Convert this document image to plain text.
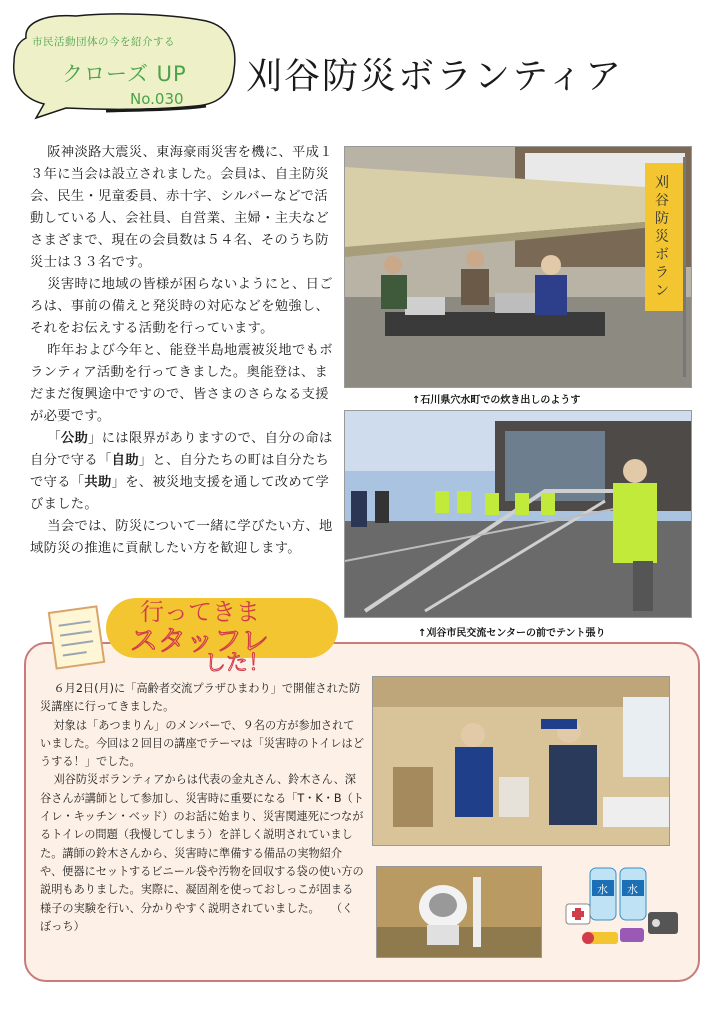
市民活動団体の今を紹介する
クローズ UP
No.030
刈谷防災ボランティア

阪神淡路大震災、東海豪雨災害を機に、平成１３年に当会は設立されました。会員は、自主防災会、民生・児童委員、赤十字、シルバーなどで活動している人、会社員、自営業、主婦・主夫などさまざまで、現在の会員数は５４名、そのうち防災士は３３名です。

災害時に地域の皆様が困らないようにと、日ごろは、事前の備えと発災時の対応などを勉強し、それをお伝えする活動を行っています。

昨年および今年と、能登半島地震被災地でもボランティア活動を行ってきました。奥能登は、まだまだ復興途中ですので、皆さまのさらなる支援が必要です。

「公助」には限界がありますので、自分の命は自分で守る「自助」と、自分たちの町は自分たちで守る「共助」を、被災地支援を通して改めて学びました。

当会では、防災について一緒に学びたい方、地域防災の推進に貢献したい方を歓迎します。

刈
谷
防
災
ボ
ラ
ン
↑石川県穴水町での炊き出しのようす
↑刈谷市民交流センターの前でテント張り
行ってきま
スタッフレ
した！

６月2日(月)に「高齢者交流プラザひまわり」で開催された防災講座に行ってきました。

対象は「あつまりん」のメンバーで、９名の方が参加されていました。今回は２回目の講座でテーマは「災害時のトイレはどうする！」でした。

刈谷防災ボランティアからは代表の金丸さん、鈴木さん、深谷さんが講師として参加し、災害時に重要になる「T・K・B（トイレ・キッチン・ベッド）のお話に始まり、災害関連死につながるトイレの問題（我慢してしまう）を詳しく説明されていました。講師の鈴木さんから、災害時に準備する備品の実物紹介や、便器にセットするビニール袋や汚物を回収する袋の使い方の説明もありました。実際に、凝固剤を使っておしっこが固まる様子の実験を行い、分かりやすく説明されていました。　　（くぼっち）

水 水
